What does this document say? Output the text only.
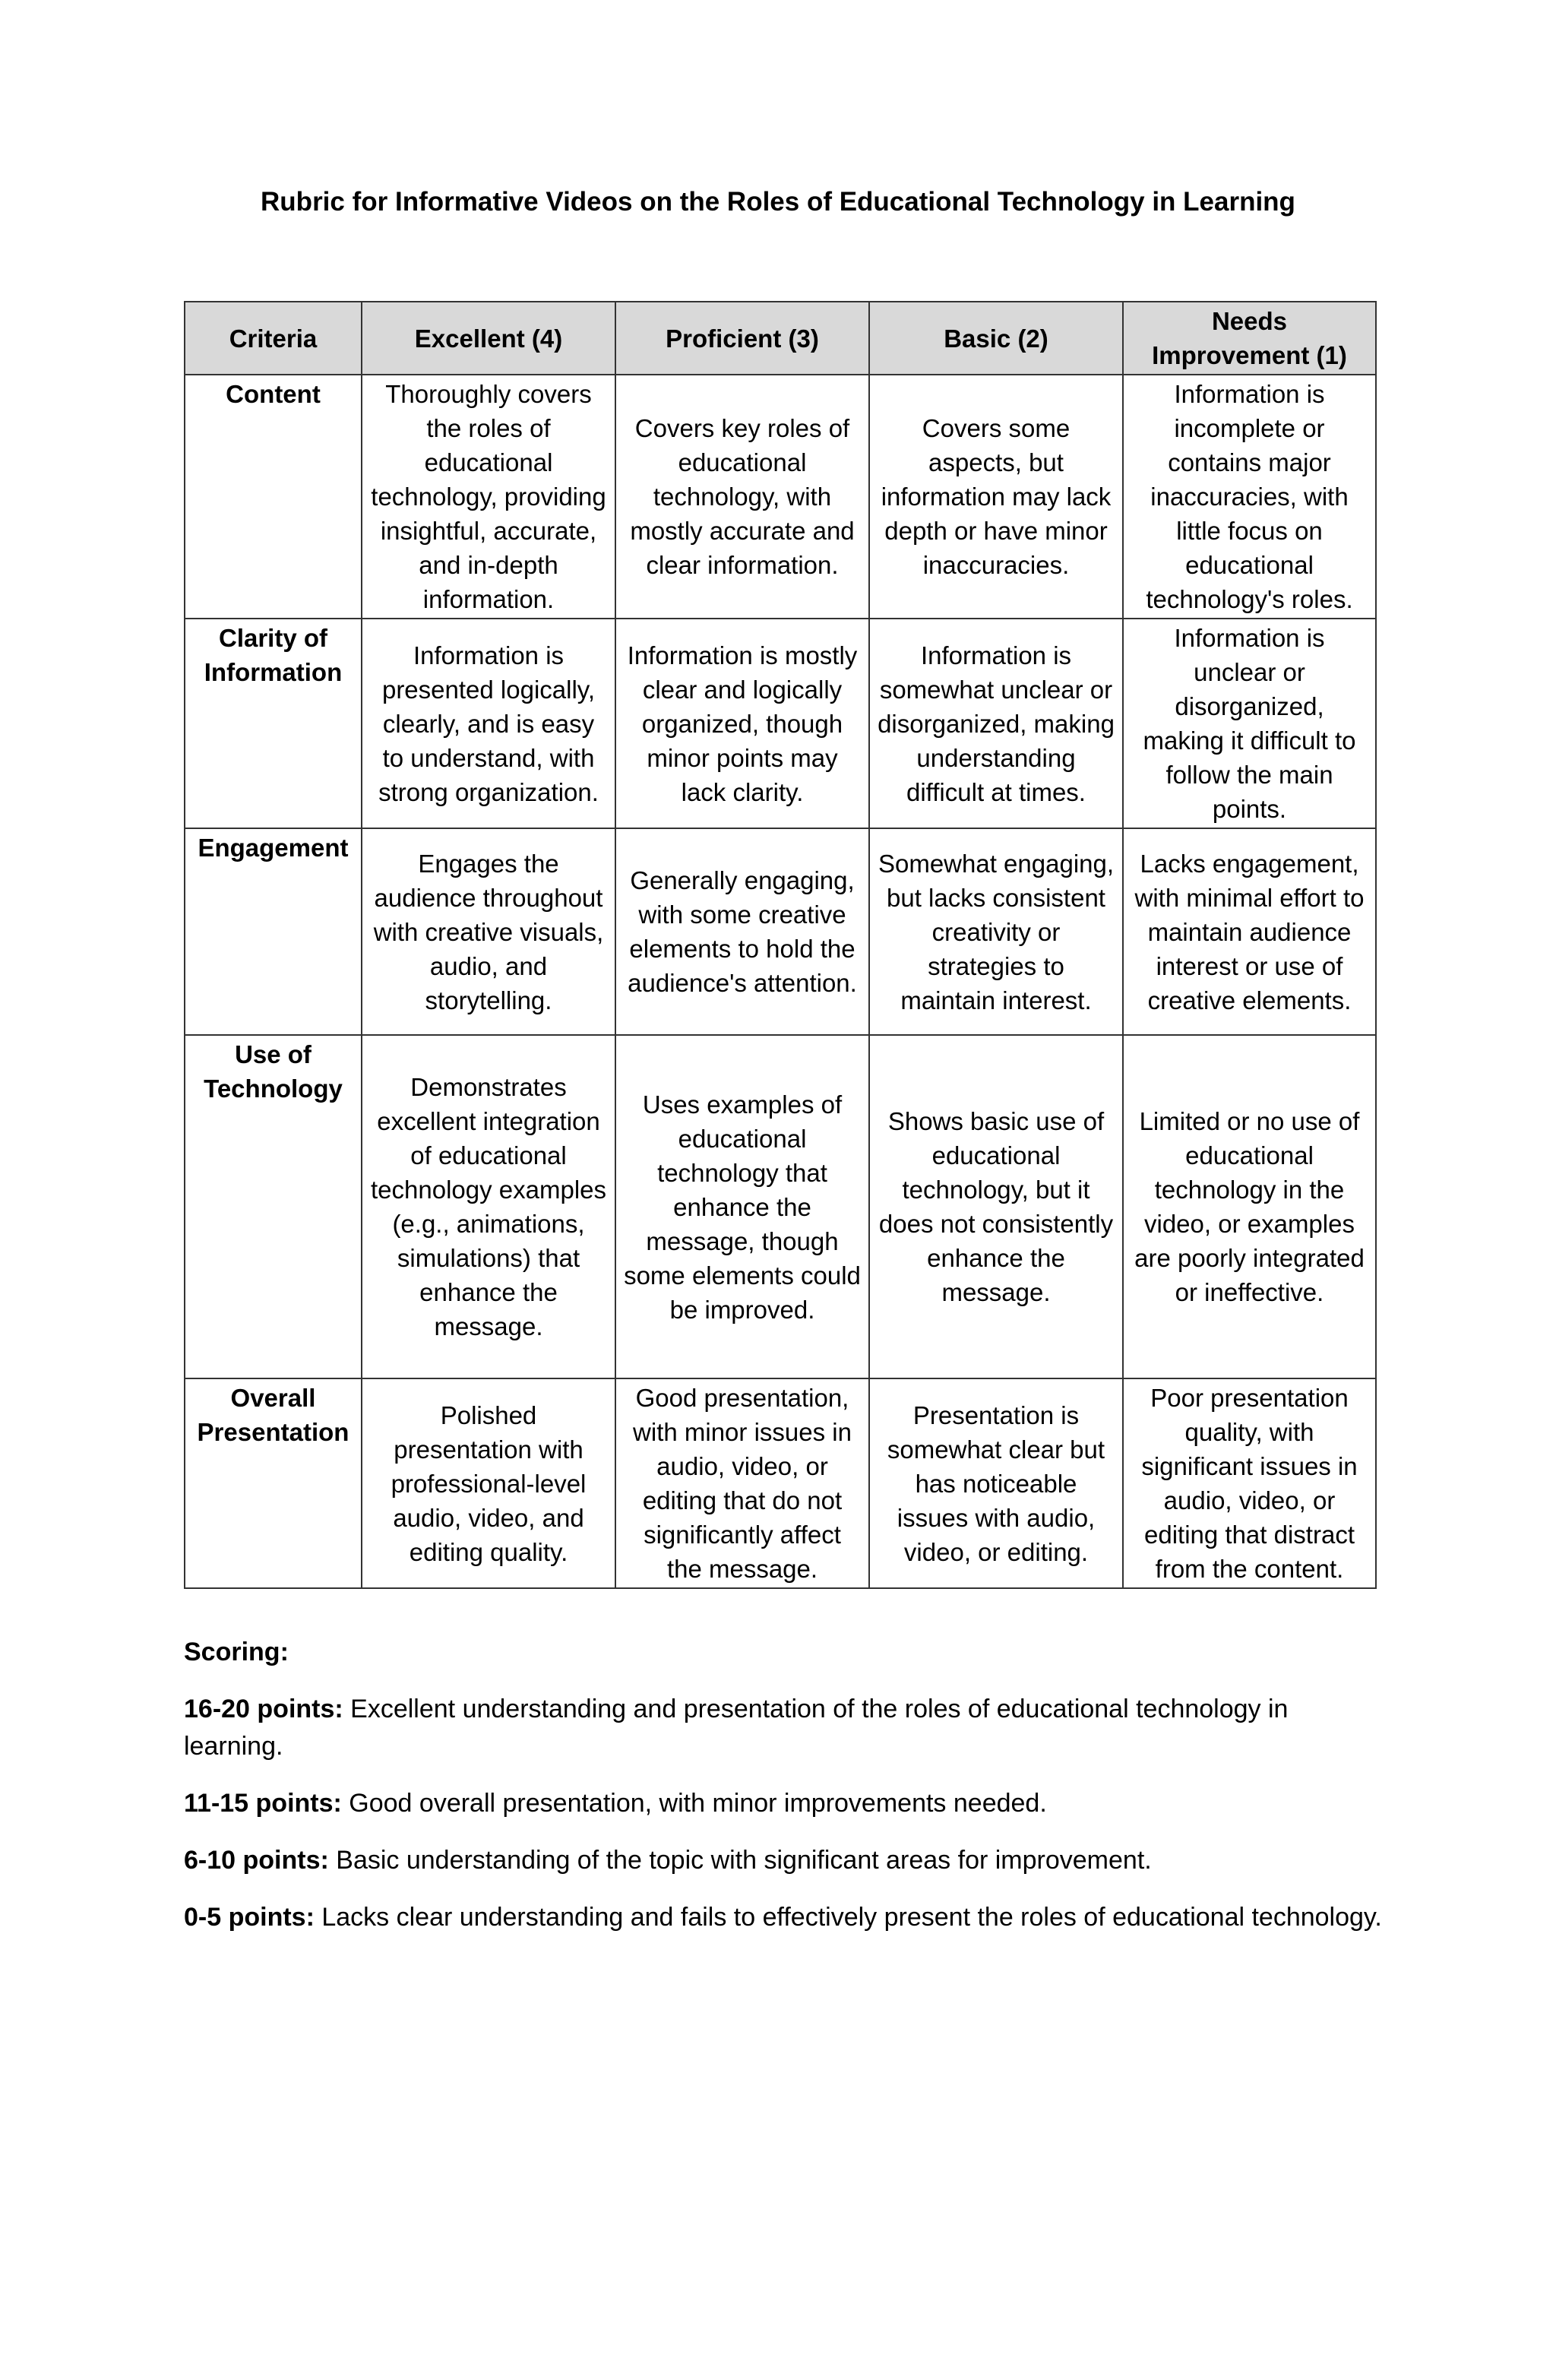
Rubric for Informative Videos on the Roles of Educational Technology in Learning
Criteria	Excellent (4)	Proficient (3)	Basic (2)	Needs Improvement (1)
Content	Thoroughly covers the roles of educational technology, providing insightful, accurate, and in-depth information.	Covers key roles of educational technology, with mostly accurate and clear information.	Covers some aspects, but information may lack depth or have minor inaccuracies.	Information is incomplete or contains major inaccuracies, with little focus on educational technology's roles.
Clarity of Information	Information is presented logically, clearly, and is easy to understand, with strong organization.	Information is mostly clear and logically organized, though minor points may lack clarity.	Information is somewhat unclear or disorganized, making understanding difficult at times.	Information is unclear or disorganized, making it difficult to follow the main points.
Engagement	Engages the audience throughout with creative visuals, audio, and storytelling.	Generally engaging, with some creative elements to hold the audience's attention.	Somewhat engaging, but lacks consistent creativity or strategies to maintain interest.	Lacks engagement, with minimal effort to maintain audience interest or use of creative elements.
Use of Technology	Demonstrates excellent integration of educational technology examples (e.g., animations, simulations) that enhance the message.	Uses examples of educational technology that enhance the message, though some elements could be improved.	Shows basic use of educational technology, but it does not consistently enhance the message.	Limited or no use of educational technology in the video, or examples are poorly integrated or ineffective.
Overall Presentation	Polished presentation with professional-level audio, video, and editing quality.	Good presentation, with minor issues in audio, video, or editing that do not significantly affect the message.	Presentation is somewhat clear but has noticeable issues with audio, video, or editing.	Poor presentation quality, with significant issues in audio, video, or editing that distract from the content.

Scoring:

16-20 points: Excellent understanding and presentation of the roles of educational technology in learning.

11-15 points: Good overall presentation, with minor improvements needed.

6-10 points: Basic understanding of the topic with significant areas for improvement.

0-5 points: Lacks clear understanding and fails to effectively present the roles of educational technology.
